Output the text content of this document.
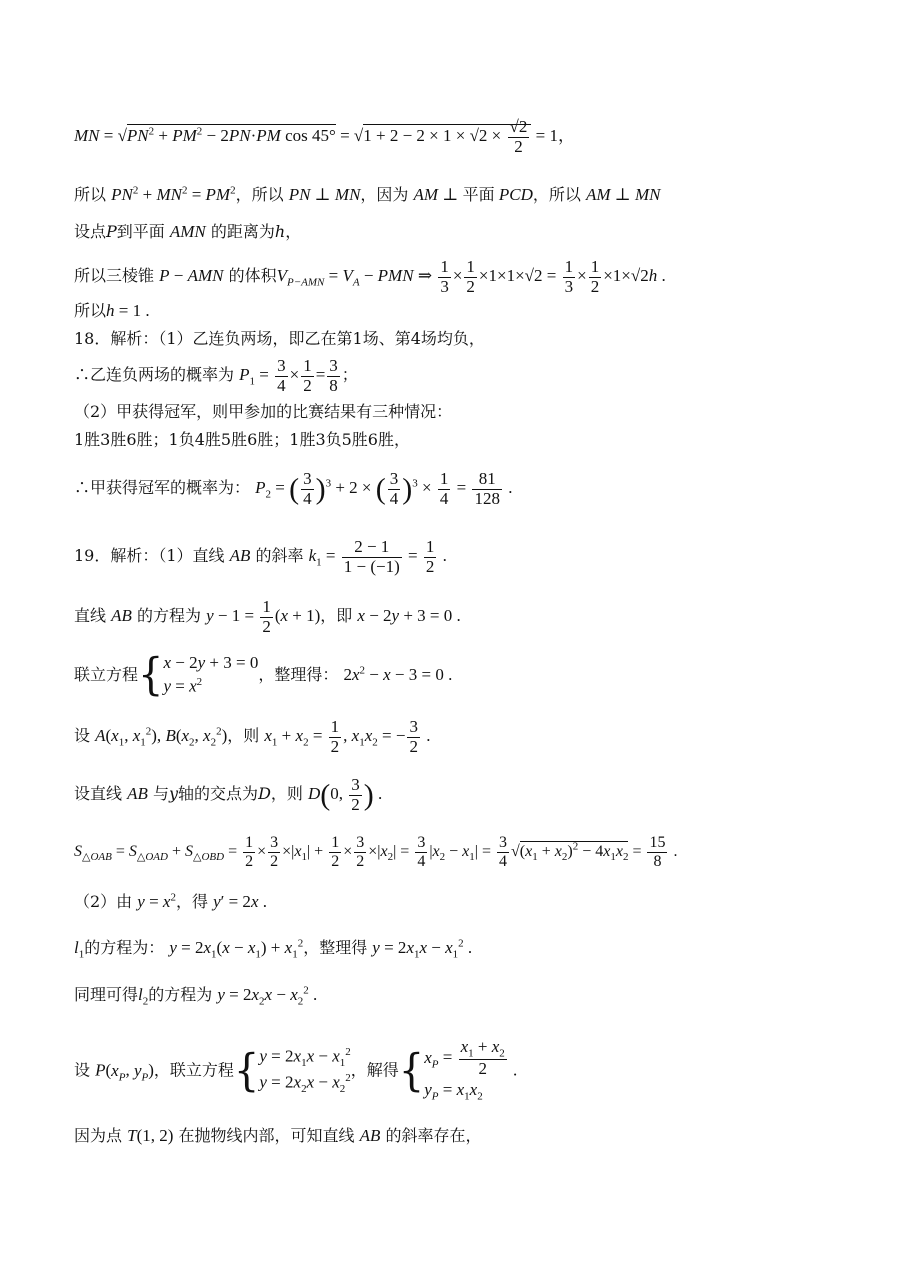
MN = $√PN^2 + PM^2 - 2PN\cdot PM$ $\cos 45^\circ = √1 + 2 - 2 \times 1 \times √2 \times \frac{√2}{2} = 1$，
所以 $PN^2 + MN^2 = PM^2$，所以 PN ⊥ MN，因为 AM ⊥ 平面 PCD，所以 AM ⊥ MN
设点P到平面 AMN 的距离为h，
所以三棱锥 P − AMN 的体积$V_{P-AMN} = V_A$ − PMN ⇒ $\frac{1}{3} \times \frac{1}{2} \times 1\times 1\times√2 = \frac{1}{3} \times \frac{1}{2} \times 1\times√2h$ .
所以h = 1 .
18．解析：（1）乙连负两场，即乙在第1场、第4场均负，
∴乙连负两场的概率为 $P_1 = \frac{3}{4} \times \frac{1}{2} = \frac{3}{8}$ ；
（2）甲获得冠军，则甲参加的比赛结果有三种情况：
1胜3胜6胜；1负4胜5胜6胜；1胜3负5胜6胜，
∴甲获得冠军的概率为： $P_2$ = ( $\frac{3}{4} )^3 + 2$ × ( $\frac{3}{4} )^3 \times \frac{1}{4} = \frac{81}{128}$ .
19．解析：（1）直线 AB 的斜率 $k_1 = \frac{2 - 1}{1 - (-1)} = \frac{1}{2}$ .
直线 AB 的方程为 $y - 1 = \frac{1}{2} (x + 1)$，即 x − 2y + 3 = 0 .
联立方程{ x − 2y + 3 = 0
$y = x^2$	，整理得： $2x^2 - x - 3 = 0$ .
设 $A(x_1$, $x_1^2$), $B(x_2$, $x_2^2$)，则 $x_1 + x_2 = \frac{1}{2}$ , $x_1x_2$ = − $\frac{3}{2}$ .
设直线 AB 与y轴的交点为D，则 D(0, $\frac{3}{2}$ ) .
$S_{\triangle OAB} = S_{\triangle OAD} + S_{\triangle OBD} = \frac{1}{2} \times \frac{3}{2} \times|x_1| + \frac{1}{2} \times \frac{3}{2} \times|x_2| = \frac{3}{4} |x_2 - x_1| = \frac{3}{4} √(x_1 + x_2)^2 - 4x_1x_2 = \frac{15}{8}$ .
（2）由 $y = x^2$，得 y′ = 2x .
$l_1$的方程为： $y = 2x_1(x - x_1) + x_1^2$，整理得 $y = 2x_1x - x_1^2$ .
同理可得$l_2$的方程为 $y = 2x_2x - x_2^2$ .
设 $P(x_P$, $y_P$)，联立方程{ $y = 2x_1x - x_1^2$
$y = 2x_2x - x_2^2$ ，解得{ $x_P = \frac{x_1 + x_2}{2}$
$y_P = x_1x_2$
.
因为点 T(1, 2) 在抛物线内部，可知直线 AB 的斜率存在，
